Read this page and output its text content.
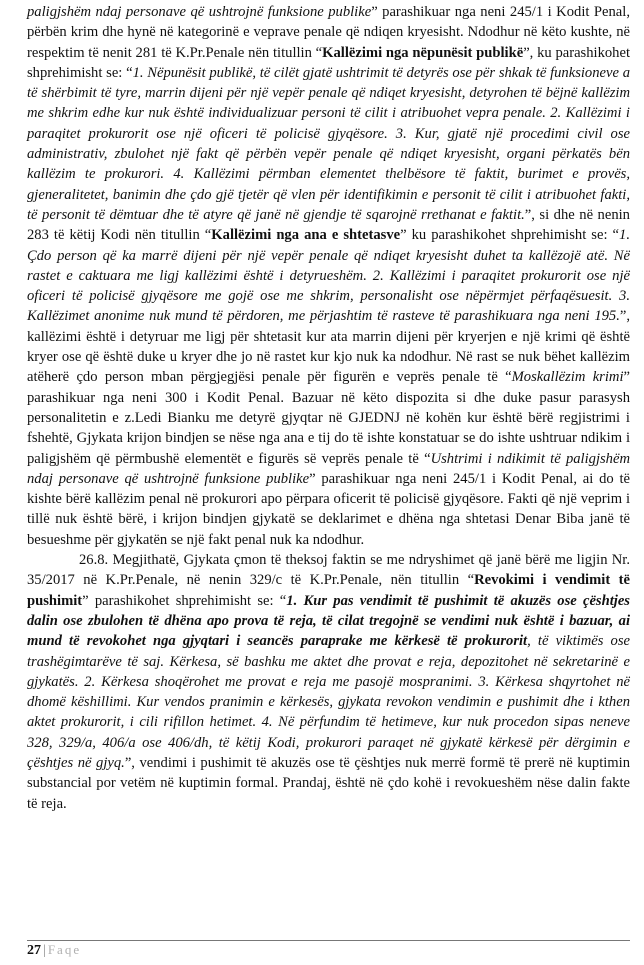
paligjshëm ndaj personave që ushtrojnë funksione publike” parashikuar nga neni 245/1 i Kodit Penal, përbën krim dhe hynë në kategorinë e veprave penale që ndiqen kryesisht. Ndodhur në këto kushte, në respektim të nenit 281 të K.Pr.Penale nën titullin “Kallëzimi nga nëpunësit publikë”, ku parashikohet shprehimisht se: “1. Nëpunësit publikë, të cilët gjatë ushtrimit të detyrës ose për shkak të funksioneve a të shërbimit të tyre, marrin dijeni për një vepër penale që ndiqet kryesisht, detyrohen të bëjnë kallëzim me shkrim edhe kur nuk është individualizuar personi të cilit i atribuohet vepra penale. 2. Kallëzimi i paraqitet prokurorit ose një oficeri të policisë gjyqësore. 3. Kur, gjatë një procedimi civil ose administrativ, zbulohet një fakt që përbën vepër penale që ndiqet kryesisht, organi përkatës bën kallëzim te prokurori. 4. Kallëzimi përmban elementet thelbësore të faktit, burimet e provës, gjeneralitetet, banimin dhe çdo gjë tjetër që vlen për identifikimin e personit të cilit i atribuohet fakti, të personit të dëmtuar dhe të atyre që janë në gjendje të sqarojnë rrethanat e faktit.”, si dhe në nenin 283 të këtij Kodi nën titullin “Kallëzimi nga ana e shtetasve” ku parashikohet shprehimisht se: “1. Çdo person që ka marrë dijeni për një vepër penale që ndiqet kryesisht duhet ta kallëzojë atë. Në rastet e caktuara me ligj kallëzimi është i detyrueshëm. 2. Kallëzimi i paraqitet prokurorit ose një oficeri të policisë gjyqësore me gojë ose me shkrim, personalisht ose nëpërmjet përfaqësuesit. 3. Kallëzimet anonime nuk mund të përdoren, me përjashtim të rasteve të parashikuara nga neni 195.”, kallëzimi është i detyruar me ligj për shtetasit kur ata marrin dijeni për kryerjen e një krimi që është kryer ose që është duke u kryer dhe jo në rastet kur kjo nuk ka ndodhur. Në rast se nuk bëhet kallëzim atëherë çdo person mban përgjegjësi penale për figurën e veprës penale të “Moskallëzim krimi” parashikuar nga neni 300 i Kodit Penal. Bazuar në këto dispozita si dhe duke pasur parasysh personalitetin e z.Ledi Bianku me detyrë gjyqtar në GJEDNJ në kohën kur është bërë regjistrimi i fshehtë, Gjykata krijon bindjen se nëse nga ana e tij do të ishte konstatuar se do ishte ushtruar ndikim i paligjshëm që përmbushë elementët e figurës së veprës penale të “Ushtrimi i ndikimit të paligjshëm ndaj personave që ushtrojnë funksione publike” parashikuar nga neni 245/1 i Kodit Penal, ai do të kishte bërë kallëzim penal në prokurori apo përpara oficerit të policisë gjyqësore. Fakti që një veprim i tillë nuk është bërë, i krijon bindjen gjykatë se deklarimet e dhëna nga shtetasi Denar Biba janë të besueshme për gjykatën se një fakt penal nuk ka ndodhur.

26.8. Megjithatë, Gjykata çmon të theksoj faktin se me ndryshimet që janë bërë me ligjin Nr. 35/2017 në K.Pr.Penale, në nenin 329/c të K.Pr.Penale, nën titullin “Revokimi i vendimit të pushimit” parashikohet shprehimisht se: “1. Kur pas vendimit të pushimit të akuzës ose çështjes dalin ose zbulohen të dhëna apo prova të reja, të cilat tregojnë se vendimi nuk është i bazuar, ai mund të revokohet nga gjyqtari i seancës paraprake me kërkesë të prokurorit, të viktimës ose trashëgimtarëve të saj. Kërkesa, së bashku me aktet dhe provat e reja, depozitohet në sekretarinë e gjykatës. 2. Kërkesa shoqërohet me provat e reja me pasojë mospranimi. 3. Kërkesa shqyrtohet në dhomë këshillimi. Kur vendos pranimin e kërkesës, gjykata revokon vendimin e pushimit dhe i kthen aktet prokurorit, i cili rifillon hetimet. 4. Në përfundim të hetimeve, kur nuk procedon sipas neneve 328, 329/a, 406/a ose 406/dh, të këtij Kodi, prokurori paraqet në gjykatë kërkesë për dërgimin e çështjes në gjyq.”, vendimi i pushimit të akuzës ose të çështjes nuk merrë formë të prerë në kuptimin substancial por vetëm në kuptimin formal. Prandaj, është në çdo kohë i revokueshëm nëse dalin fakte të reja.

27 | Faqe
